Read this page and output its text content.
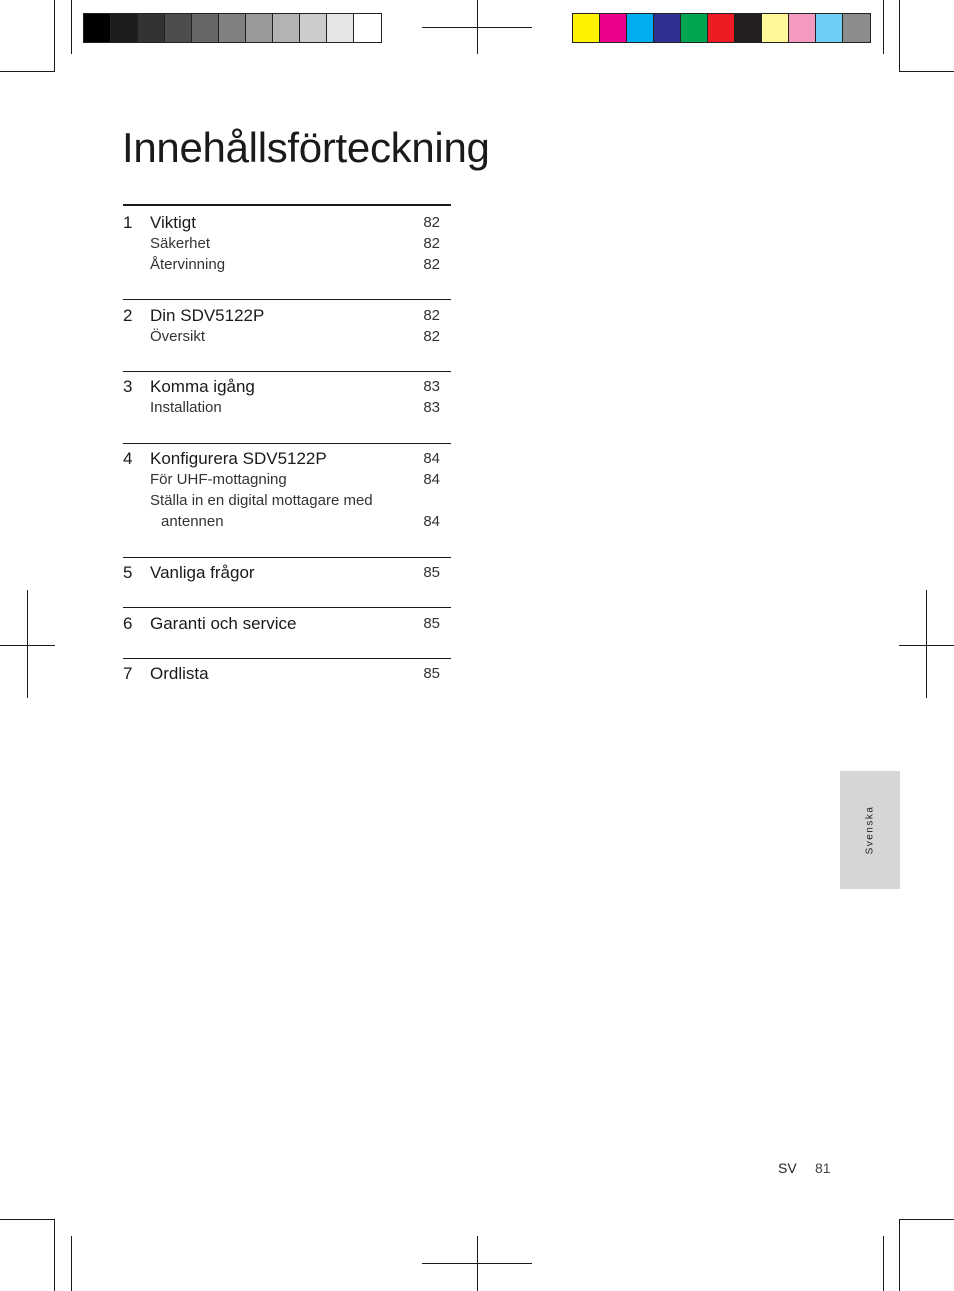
Innehållsförteckning
1 Viktigt	82
Säkerhet	82
Återvinning	82
2 Din SDV5122P	82
Översikt	82
3 Komma igång	83
Installation	83
4 Konfigurera SDV5122P	84
För UHF-mottagning	84
Ställa in en digital mottagare med
antennen	84
5 Vanliga frågor	85
6 Garanti och service	85
7 Ordlista	85
Svenska
SV 81
